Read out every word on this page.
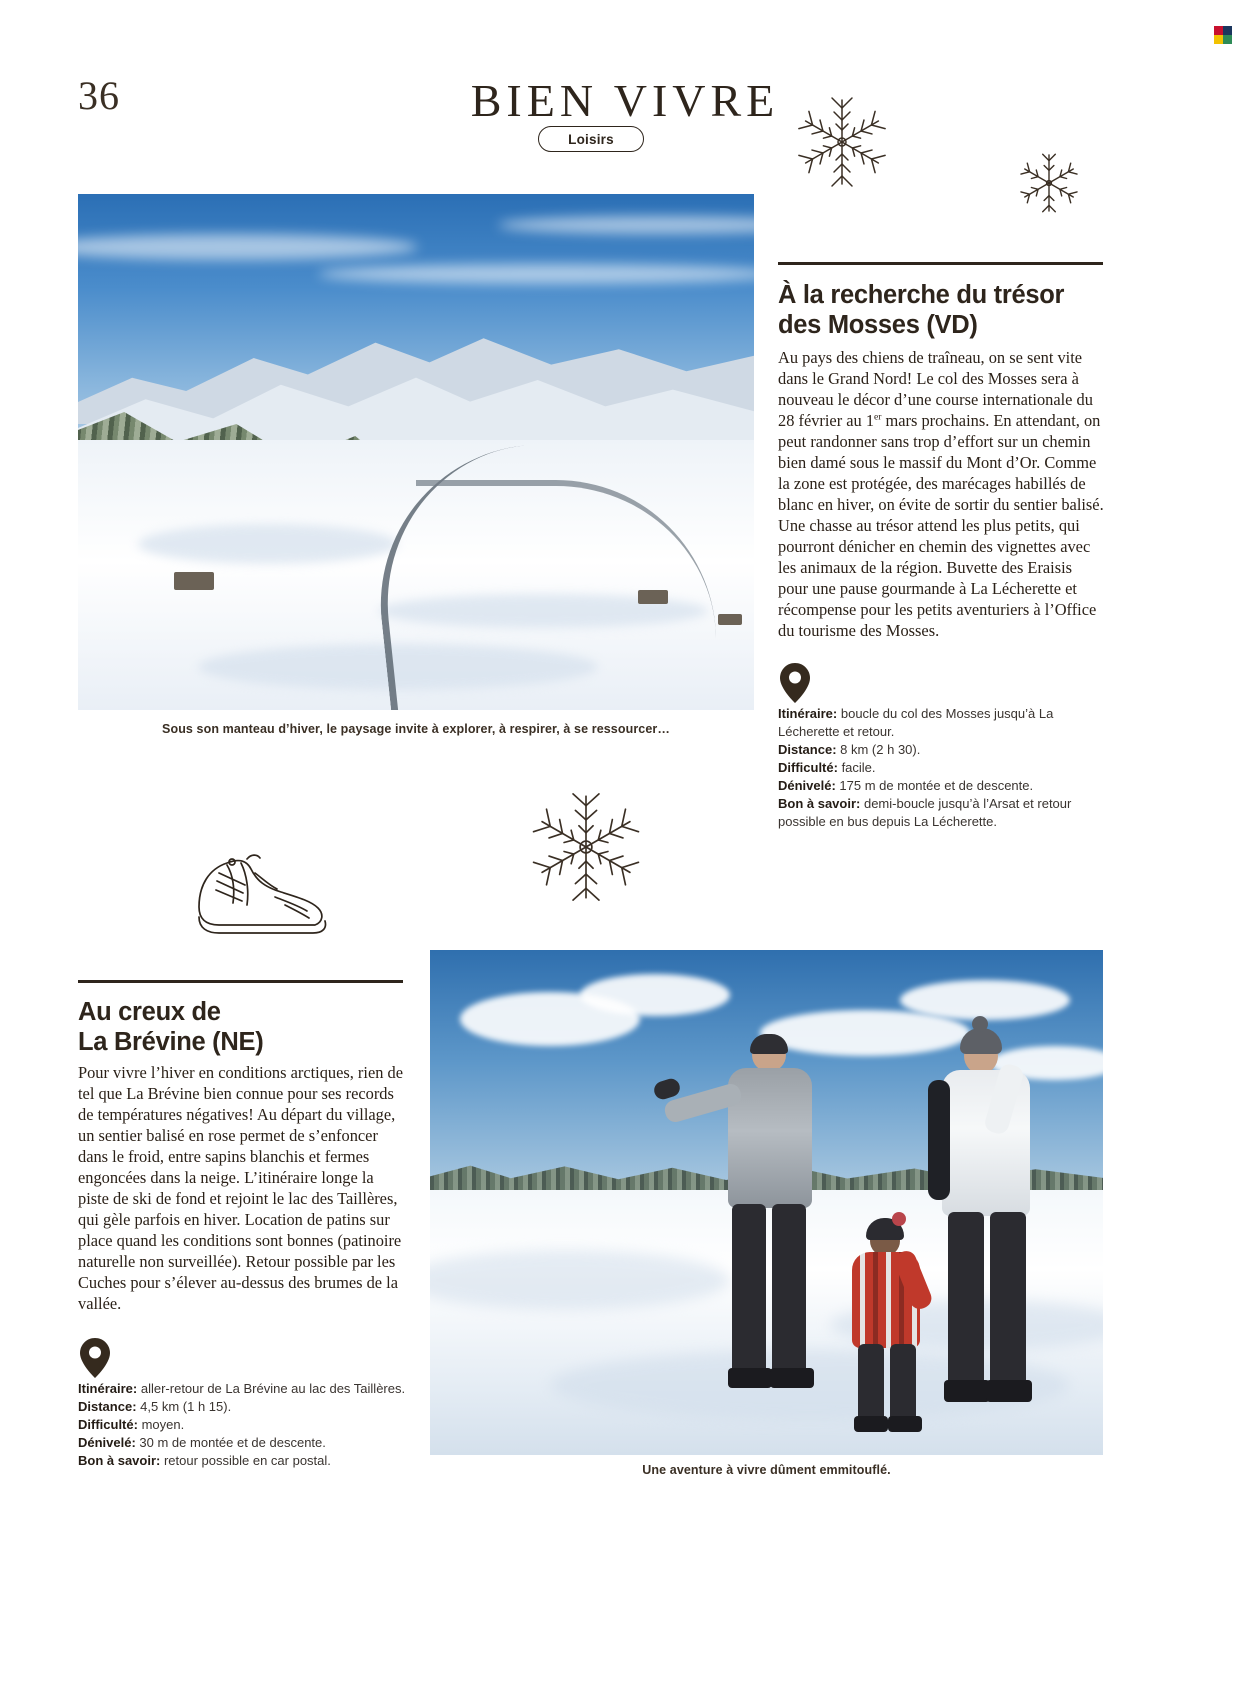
36	BIEN VIVRE
Loisirs
Sous son manteau d’hiver, le paysage invite à explorer, à respirer, à se ressourcer…
À la recherche du trésor
des Mosses (VD)
Au pays des chiens de traîneau, on se sent vite dans le Grand Nord! Le col des Mosses sera à nouveau le décor d’une course internationale du 28 février au 1er mars prochains. En attendant, on peut randonner sans trop d’effort sur un chemin bien damé sous le massif du Mont d’Or. Comme la zone est protégée, des marécages habillés de blanc en hiver, on évite de sortir du sentier balisé. Une chasse au trésor attend les plus petits, qui pourront dénicher en chemin des vignettes avec les animaux de la région. Buvette des Eraisis pour une pause gourmande à La Lécherette et récompense pour les petits aventuriers à l’Office du tourisme des Mosses.
Itinéraire: boucle du col des Mosses jusqu’à La Lécherette et retour.
Distance: 8 km (2 h 30).
Difficulté: facile.
Dénivelé: 175 m de montée et de descente.
Bon à savoir: demi-boucle jusqu’à l’Arsat et retour possible en bus depuis La Lécherette.
Au creux de
La Brévine (NE)
Pour vivre l’hiver en conditions arctiques, rien de tel que La Brévine bien connue pour ses records de températures négatives! Au départ du village, un sentier balisé en rose permet de s’enfoncer dans le froid, entre sapins blanchis et fermes engoncées dans la neige. L’itinéraire longe la piste de ski de fond et rejoint le lac des Taillères, qui gèle parfois en hiver. Location de patins sur place quand les conditions sont bonnes (patinoire naturelle non surveillée). Retour possible par les Cuches pour s’élever au-dessus des brumes de la vallée.
Itinéraire: aller-retour de La Brévine au lac des Taillères.
Distance: 4,5 km (1 h 15).
Difficulté: moyen.
Dénivelé: 30 m de montée et de descente.
Bon à savoir: retour possible en car postal.
Une aventure à vivre dûment emmitouflé.
